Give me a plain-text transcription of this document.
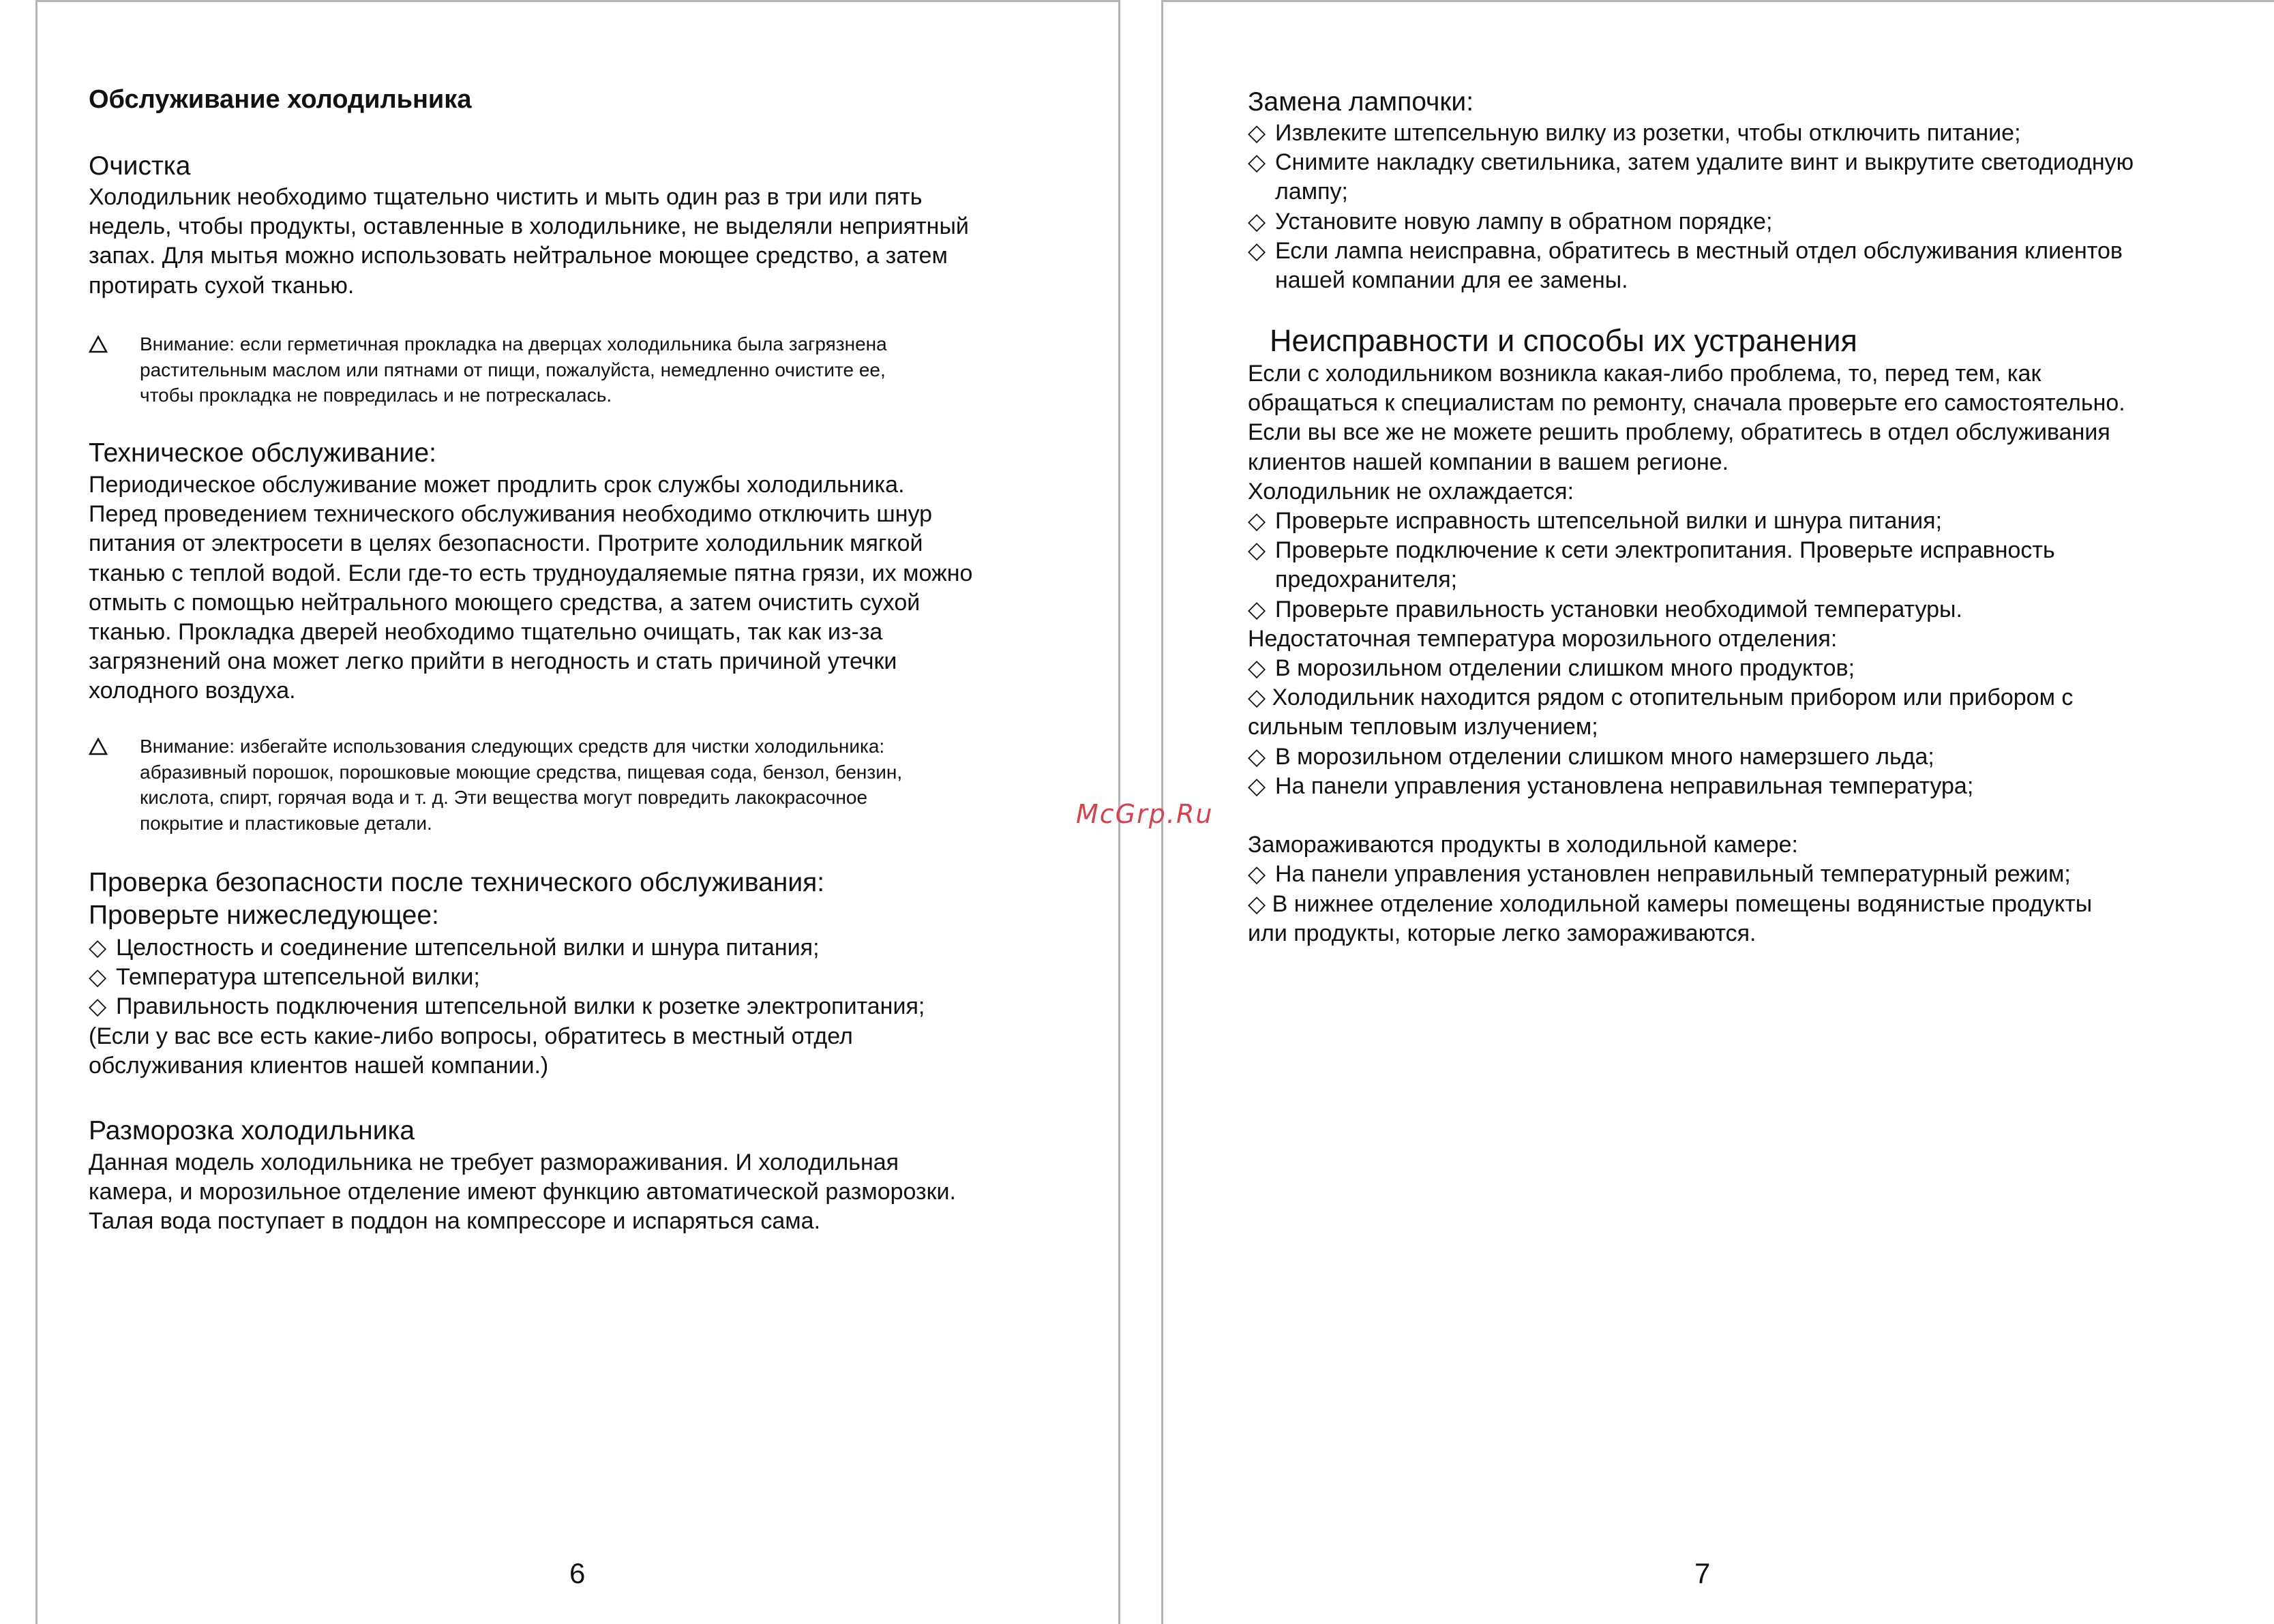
McGrp.Ru
Обслуживание холодильника
Очистка

Холодильник необходимо тщательно чистить и мыть один раз в три или пять

недель, чтобы продукты, оставленные в холодильнике, не выделяли неприятный

запах. Для мытья можно использовать нейтральное моющее средство, а затем

протирать сухой тканью.

Внимание: если герметичная прокладка на дверцах холодильника была загрязнена
растительным маслом или пятнами от пищи, пожалуйста, немедленно очистите ее,
чтобы прокладка не повредилась и не потрескалась.
Техническое обслуживание:

Периодическое обслуживание может продлить срок службы холодильника.

Перед проведением технического обслуживания необходимо отключить шнур

питания от электросети в целях безопасности. Протрите холодильник мягкой

тканью с теплой водой. Если где-то есть трудноудаляемые пятна грязи, их можно

отмыть с помощью нейтрального моющего средства, а затем очистить сухой

тканью. Прокладка дверей необходимо тщательно очищать, так как из-за

загрязнений она может легко прийти в негодность и стать причиной утечки

холодного воздуха.

Внимание: избегайте использования следующих средств для чистки холодильника:
абразивный порошок, порошковые моющие средства, пищевая сода, бензол, бензин,
кислота, спирт, горячая вода и т. д. Эти вещества могут повредить лакокрасочное
покрытие и пластиковые детали.
Проверка безопасности после технического обслуживания:
Проверьте нижеследующее:
◇ Целостность и соединение штепсельной вилки и шнура питания;
◇ Температура штепсельной вилки;
◇ Правильность подключения штепсельной вилки к розетке электропитания;

(Если у вас все есть какие-либо вопросы, обратитесь в местный отдел

обслуживания клиентов нашей компании.)

Разморозка холодильника

Данная модель холодильника не требует размораживания. И холодильная

камера, и морозильное отделение имеют функцию автоматической разморозки.

Талая вода поступает в поддон на компрессоре и испаряться сама.

6
Замена лампочки:
◇ Извлеките штепсельную вилку из розетки, чтобы отключить питание;
◇ Снимите накладку светильника, затем удалите винт и выкрутите светодиодную
лампу;
◇ Установите новую лампу в обратном порядке;
◇ Если лампа неисправна, обратитесь в местный отдел обслуживания клиентов
нашей компании для ее замены.
Неисправности и способы их устранения

Если с холодильником возникла какая-либо проблема, то, перед тем, как

обращаться к специалистам по ремонту, сначала проверьте его самостоятельно.

Если вы все же не можете решить проблему, обратитесь в отдел обслуживания

клиентов нашей компании в вашем регионе.

Холодильник не охлаждается:

◇ Проверьте исправность штепсельной вилки и шнура питания;
◇ Проверьте подключение к сети электропитания. Проверьте исправность
предохранителя;
◇ Проверьте правильность установки необходимой температуры.

Недостаточная температура морозильного отделения:

◇ В морозильном отделении слишком много продуктов;
◇ Холодильник находится рядом с отопительным прибором или прибором с
сильным тепловым излучением;
◇ В морозильном отделении слишком много намерзшего льда;
◇ На панели управления установлена неправильная температура;

Замораживаются продукты в холодильной камере:

◇ На панели управления установлен неправильный температурный режим;
◇ В нижнее отделение холодильной камеры помещены водянистые продукты
или продукты, которые легко замораживаются.
7
